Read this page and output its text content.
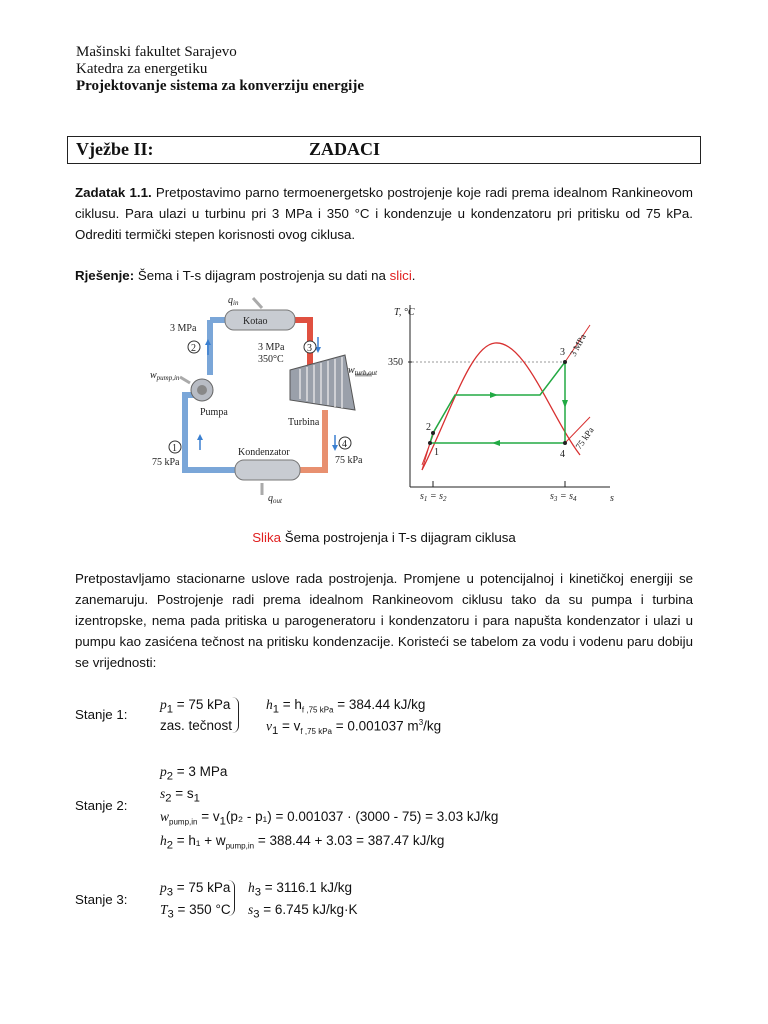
Mašinski fakultet Sarajevo
Katedra za energetiku
Projektovanje sistema za konverziju energije
Vježbe II:	ZADACI
Zadatak 1.1. Pretpostavimo parno termoenergetsko postrojenje koje radi prema idealnom Rankineovom ciklusu. Para ulazi u turbinu pri 3 MPa i 350 °C i kondenzuje u kondenzatoru pri pritisku od 75 kPa. Odrediti termički stepen korisnosti ovog ciklusa.
Rješenje: Šema i T-s dijagram postrojenja su dati na slici.
Kotao
$q_{in}$
Pumpa
$w_{pump,in}$
Turbina
$w_{turb,out}$
Kondenzator
$q_{out}$
3 MPa
3 MPa
350°C
75 kPa	75 kPa
2	3
1	4
T, °C
s
350
1
2
3
4
3 MPa
75 kPa
$s_1 = s_2$	$s_3 = s_4$
Slika Šema postrojenja i T-s dijagram ciklusa
Pretpostavljamo stacionarne uslove rada postrojenja. Promjene u potencijalnoj i kinetičkoj energiji se zanemaruju. Postrojenje radi prema idealnom Rankineovom ciklusu tako da su pumpa i turbina izentropske, nema pada pritiska u parogeneratoru i kondenzatoru i para napušta kondenzator i ulazi u pumpu kao zasićena tečnost na pritisku kondenzacije. Koristeći se tabelom za vodu i vodenu paru dobiju se vrijednosti:
Stanje 1:
$p_1 = 75$ kPa
zas. tečnost
$h_1 = h_{f ,75 kPa} = 384.44$ kJ/kg
$v_1 = v_{f ,75 kPa} = 0.001037$ $m^3/kg$
Stanje 2:
$p_2 = 3$ MPa
$s_2 = s_1$
$w_{pump,in} = v_1(p_2 - p_1) = 0.001037 \cdot (3000 - 75) = 3.03$ kJ/kg
$h_2 = h_1 + w_{pump,in} = 388.44 + 3.03 = 387.47$ kJ/kg
Stanje 3:
$p_3 = 75$ kPa
$T_3 = 350$ °C
$h_3 = 3116.1$ kJ/kg
$s_3 = 6.745$ kJ/kg·K
